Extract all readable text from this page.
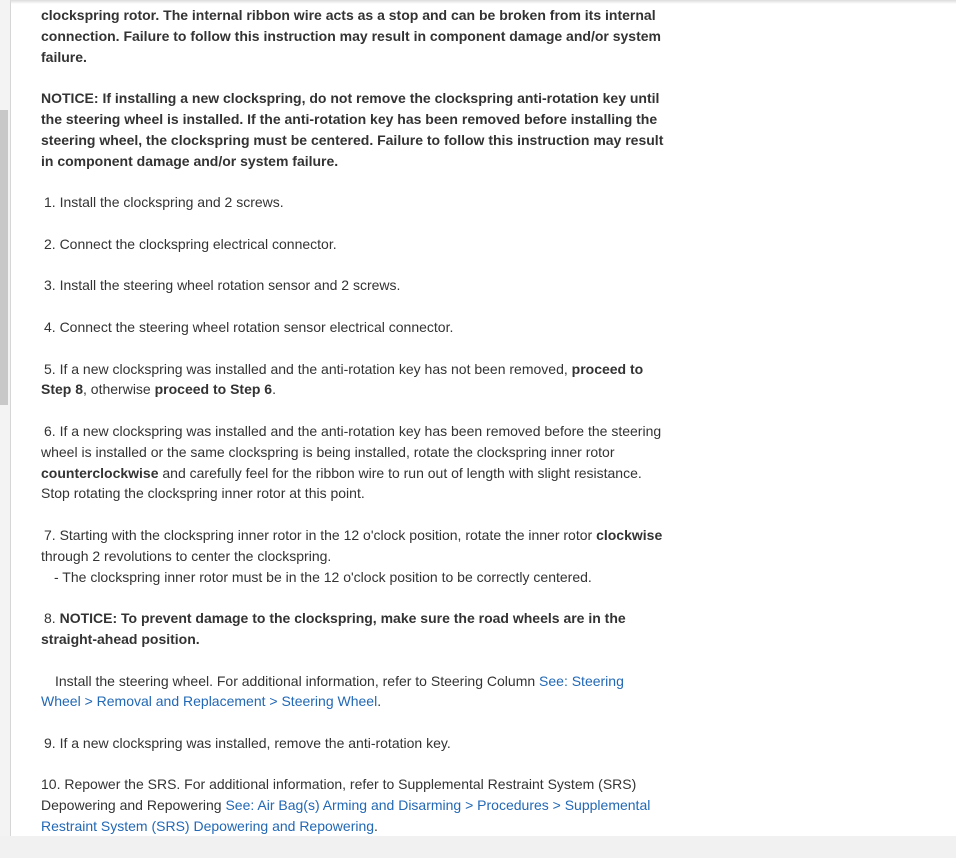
clockspring rotor. The internal ribbon wire acts as a stop and can be broken from its internal connection. Failure to follow this instruction may result in component damage and/or system failure.

NOTICE: If installing a new clockspring, do not remove the clockspring anti-rotation key until the steering wheel is installed. If the anti-rotation key has been removed before installing the steering wheel, the clockspring must be centered. Failure to follow this instruction may result in component damage and/or system failure.

1. Install the clockspring and 2 screws.

2. Connect the clockspring electrical connector.

3. Install the steering wheel rotation sensor and 2 screws.

4. Connect the steering wheel rotation sensor electrical connector.

5. If a new clockspring was installed and the anti-rotation key has not been removed, proceed to Step 8, otherwise proceed to Step 6.

6. If a new clockspring was installed and the anti-rotation key has been removed before the steering wheel is installed or the same clockspring is being installed, rotate the clockspring inner rotor counterclockwise and carefully feel for the ribbon wire to run out of length with slight resistance. Stop rotating the clockspring inner rotor at this point.

7. Starting with the clockspring inner rotor in the 12 o'clock position, rotate the inner rotor clockwise through 2 revolutions to center the clockspring.
- The clockspring inner rotor must be in the 12 o'clock position to be correctly centered.

8. NOTICE: To prevent damage to the clockspring, make sure the road wheels are in the straight-ahead position.

Install the steering wheel. For additional information, refer to Steering Column See: Steering Wheel > Removal and Replacement > Steering Wheel.

9. If a new clockspring was installed, remove the anti-rotation key.

10. Repower the SRS. For additional information, refer to Supplemental Restraint System (SRS) Depowering and Repowering See: Air Bag(s) Arming and Disarming > Procedures > Supplemental Restraint System (SRS) Depowering and Repowering.
